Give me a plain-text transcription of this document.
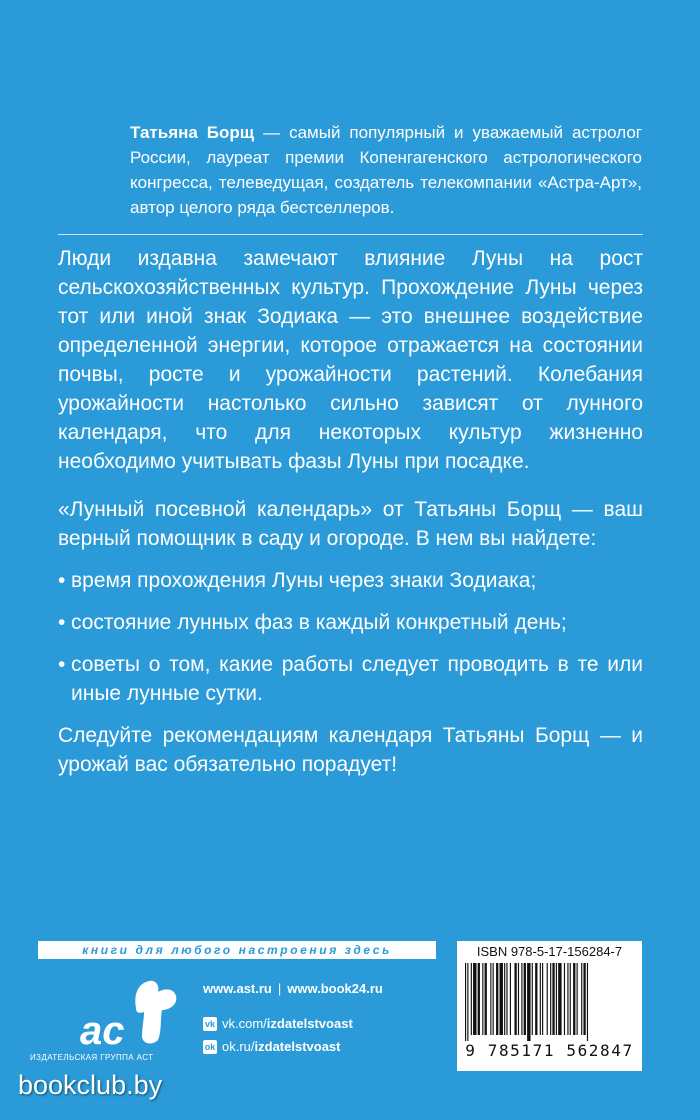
Татьяна Борщ — самый популярный и уважаемый астролог России, лауреат премии Копенгагенского астрологического конгресса, телеведущая, создатель телекомпании «Астра-Арт», автор целого ряда бестселлеров.

Люди издавна замечают влияние Луны на рост сельскохозяйственных культур. Прохождение Луны через тот или иной знак Зодиака — это внешнее воздействие определенной энергии, которое отражается на состоянии почвы, росте и урожайности растений. Колебания урожайности настолько сильно зависят от лунного календаря, что для некоторых культур жизненно необходимо учитывать фазы Луны при посадке.

«Лунный посевной календарь» от Татьяны Борщ — ваш верный помощник в саду и огороде. В нем вы найдете:

• время прохождения Луны через знаки Зодиака;
• состояние лунных фаз в каждый конкретный день;
• советы о том, какие работы следует проводить в те или иные лунные сутки.

Следуйте рекомендациям календаря Татьяны Борщ — и урожай вас обязательно порадует!

книги для любого настроения здесь
ac
ИЗДАТЕЛЬСКАЯ ГРУППА АСТ
www.ast.ru | www.book24.ru
vk vk.com/ izdatelstvoast
ok ok.ru/ izdatelstvoast
ISBN 978-5-17-156284-7
9 785171 562847
bookclub.by
